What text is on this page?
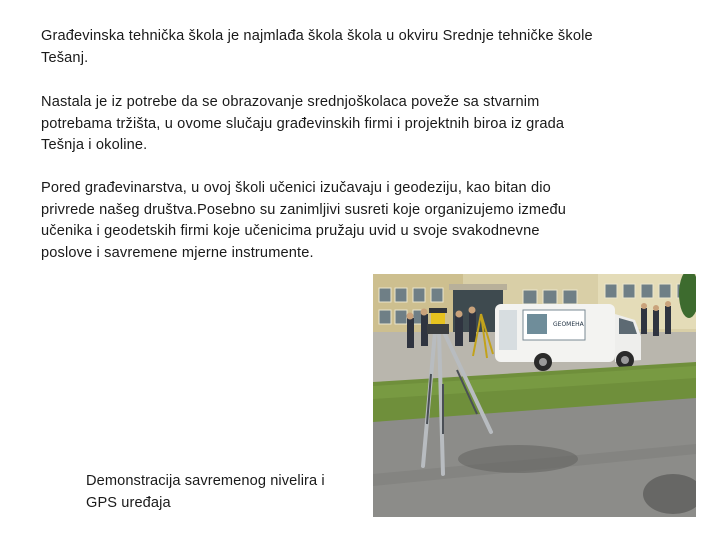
Građevinska tehnička škola je najmlađa škola škola u okviru Srednje tehničke škole
Tešanj.

Nastala je iz potrebe da se obrazovanje srednjoškolaca poveže sa stvarnim
potrebama tržišta, u ovome slučaju građevinskih firmi i projektnih biroa iz grada
Tešnja i okoline.

Pored građevinarstva, u ovoj školi učenici izučavaju i geodeziju, kao bitan dio
privrede našeg društva.Posebno su zanimljivi susreti koje organizujemo između
učenika i geodetskih firmi koje učenicima pružaju uvid u svoje svakodnevne
poslove i savremene mjerne instrumente.

Demonstracija savremenog nivelira i
GPS uređaja

GEOMEHA
